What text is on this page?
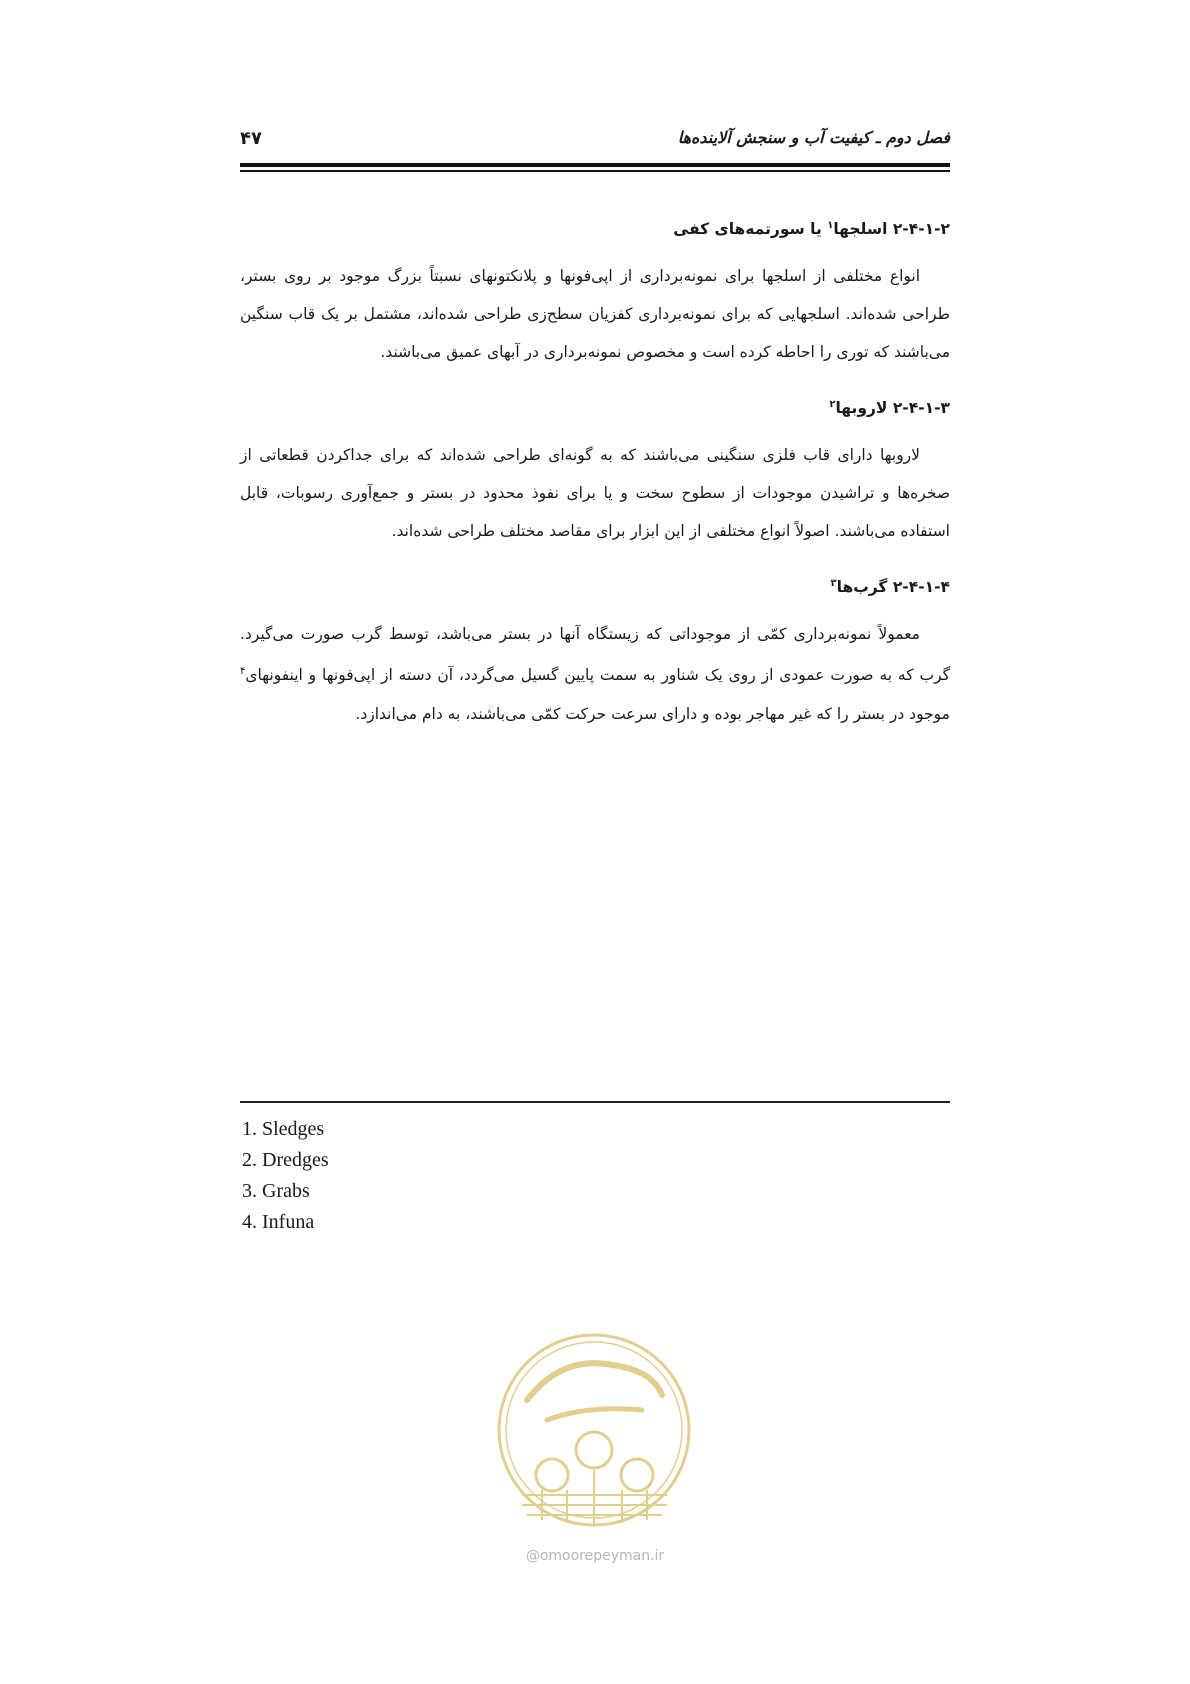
فصل دوم ـ کیفیت آب و سنجش آلاینده‌ها
۴۷
۲-۴-۱-۲ اسلجها$^۱$ یا سورتمه‌های کفی

انواع مختلفی از اسلجها برای نمونه‌برداری از اپی‌فونها و پلانکتونهای نسبتاً بزرگ موجود بر روی بستر، طراحی شده‌اند. اسلجهایی که برای نمونه‌برداری کفزیان سطح‌زی طراحی شده‌اند، مشتمل بر یک قاب سنگین می‌باشند که توری را احاطه کرده است و مخصوص نمونه‌برداری در آبهای عمیق می‌باشند.

۲-۴-۱-۳ لاروبها$^۲$

لاروبها دارای قاب فلزی سنگینی می‌باشند که به گونه‌ای طراحی شده‌اند که برای جداکردن قطعاتی از صخره‌ها و تراشیدن موجودات از سطوح سخت و یا برای نفوذ محدود در بستر و جمع‌آوری رسوبات، قابل استفاده می‌باشند. اصولاً انواع مختلفی از این ابزار برای مقاصد مختلف طراحی شده‌اند.

۲-۴-۱-۴ گرب‌ها$^۳$

معمولاً نمونه‌برداری کمّی از موجوداتی که زیستگاه آنها در بستر می‌باشد، توسط گرب صورت می‌گیرد. گرب که به صورت عمودی از روی یک شناور به سمت پایین گسیل می‌گردد، آن دسته از اپی‌فونها و اینفونهای$^۴$ موجود در بستر را که غیر مهاجر بوده و دارای سرعت حرکت کمّی می‌باشند، به دام می‌اندازد.

1. Sledges
2. Dredges
3. Grabs
4. Infuna
@omoorepeyman.ir
